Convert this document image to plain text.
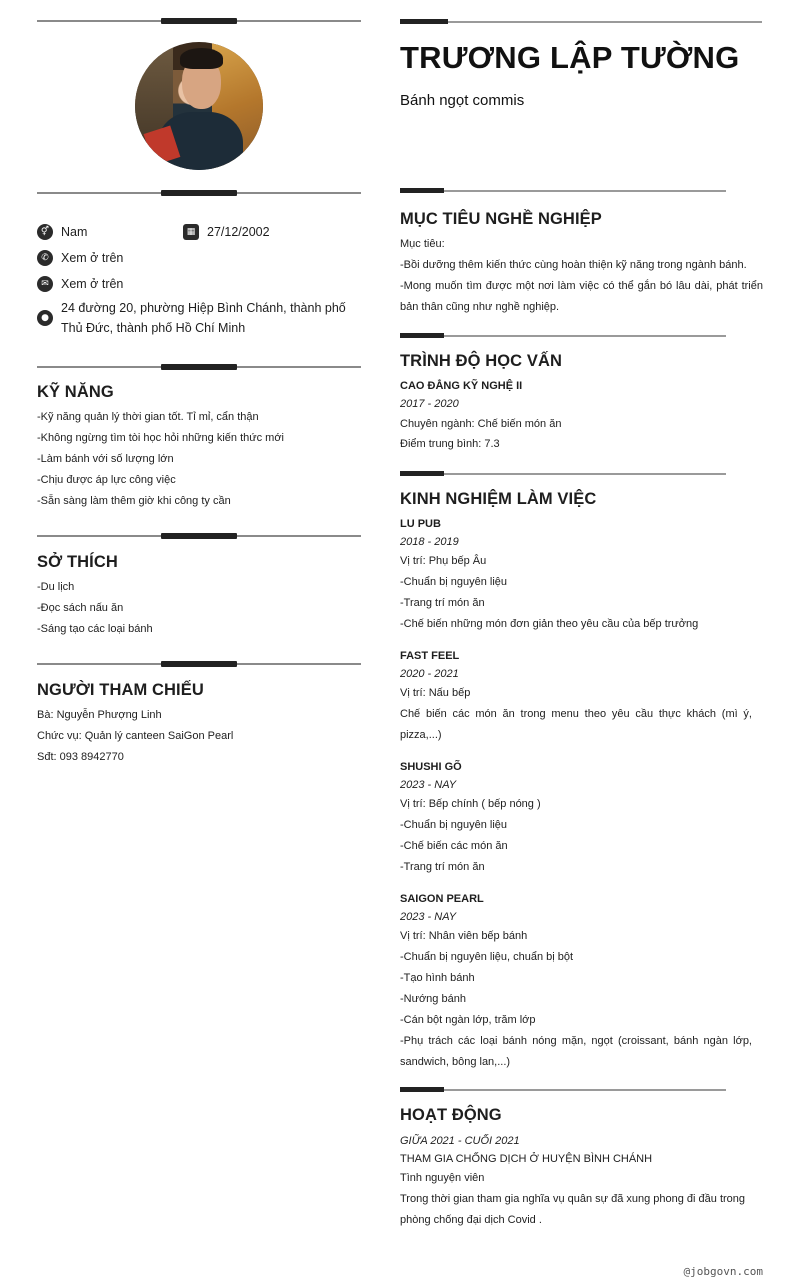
⚥ Nam	▦ 27/12/2002
✆ Xem ở trên
✉ Xem ở trên
●
24 đường 20, phường Hiệp Bình Chánh, thành phố Thủ Đức, thành phố Hồ Chí Minh
KỸ NĂNG
-Kỹ năng quản lý thời gian tốt. Tỉ mỉ, cẩn thận
-Không ngừng tìm tòi học hỏi những kiến thức mới
-Làm bánh với số lượng lớn
-Chịu được áp lực công việc
-Sẵn sàng làm thêm giờ khi công ty cần
SỞ THÍCH
-Du lịch
-Đọc sách nấu ăn
-Sáng tạo các loại bánh
NGƯỜI THAM CHIẾU
Bà: Nguyễn Phượng Linh
Chức vụ: Quản lý canteen SaiGon Pearl
Sđt: 093 8942770
TRƯƠNG LẬP TƯỜNG
Bánh ngọt commis
MỤC TIÊU NGHỀ NGHIỆP
Mục tiêu:
-Bồi dưỡng thêm kiến thức cùng hoàn thiện kỹ năng trong ngành bánh.
-Mong muốn tìm được một nơi làm việc có thể gắn bó lâu dài, phát triển bản thân cũng như nghề nghiệp.
TRÌNH ĐỘ HỌC VẤN
CAO ĐẲNG KỸ NGHỆ II
2017 - 2020
Chuyên ngành: Chế biến món ăn
Điểm trung bình: 7.3
KINH NGHIỆM LÀM VIỆC
LU PUB
2018 - 2019
Vị trí: Phụ bếp Âu
-Chuẩn bị nguyên liệu
-Trang trí món ăn
-Chế biến những món đơn giản theo yêu cầu của bếp trưởng
FAST FEEL
2020 - 2021
Vị trí: Nấu bếp
Chế biến các món ăn trong menu theo yêu cầu thực khách (mì ý, pizza,...)
SHUSHI GÕ
2023 - NAY
Vị trí: Bếp chính ( bếp nóng )
-Chuẩn bị nguyên liệu
-Chế biến các món ăn
-Trang trí món ăn
SAIGON PEARL
2023 - NAY
Vị trí: Nhân viên bếp bánh
-Chuẩn bị nguyên liệu, chuẩn bị bột
-Tạo hình bánh
-Nướng bánh
-Cán bột ngàn lớp, trăm lớp
-Phụ trách các loại bánh nóng mặn, ngọt (croissant, bánh ngàn lớp, sandwich, bông lan,...)
HOẠT ĐỘNG
GIỮA 2021 - CUỐI 2021
THAM GIA CHỐNG DỊCH Ở HUYỆN BÌNH CHÁNH
Tình nguyện viên
Trong thời gian tham gia nghĩa vụ quân sự đã xung phong đi đầu trong phòng chống đại dịch Covid .
@jobgovn.com
